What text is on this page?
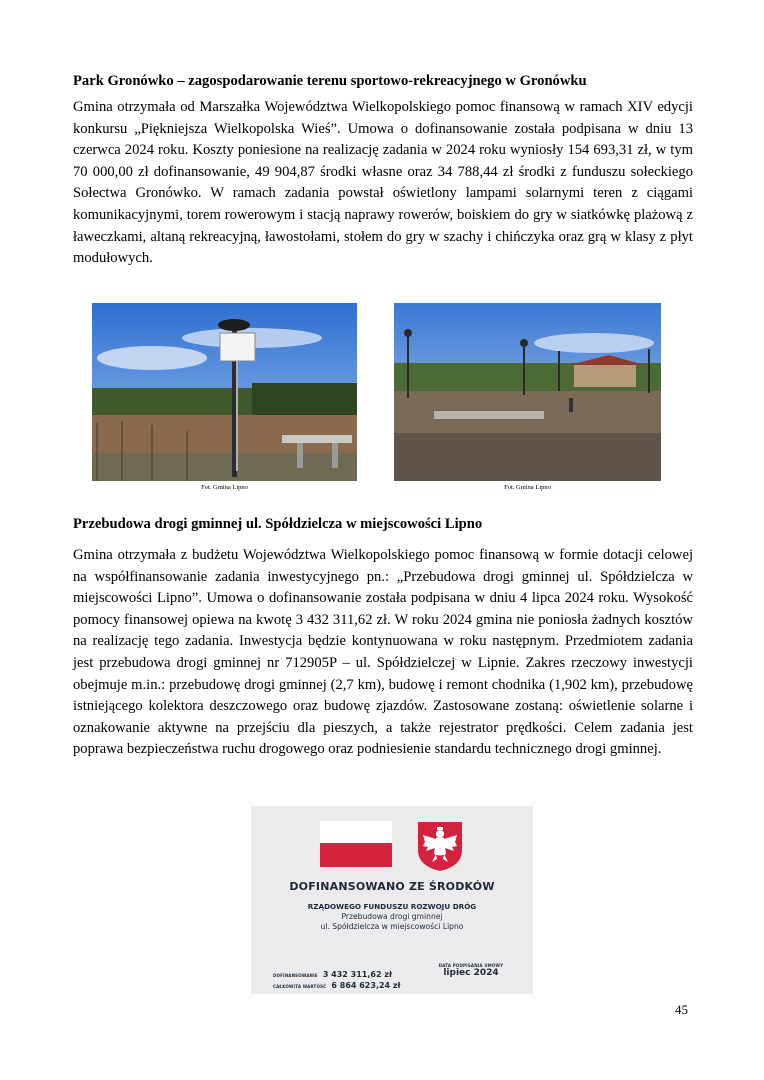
Park Gronówko – zagospodarowanie terenu sportowo-rekreacyjnego w Gronówku

Gmina otrzymała od Marszałka Województwa Wielkopolskiego pomoc finansową w ramach XIV edycji konkursu „Piękniejsza Wielkopolska Wieś”. Umowa o dofinansowanie została podpisana w dniu 13 czerwca 2024 roku. Koszty poniesione na realizację zadania w 2024 roku wyniosły 154 693,31 zł, w tym 70 000,00 zł dofinansowanie, 49 904,87 środki własne oraz 34 788,44 zł środki z funduszu sołeckiego Sołectwa Gronówko. W ramach zadania powstał oświetlony lampami solarnymi teren z ciągami komunikacyjnymi, torem rowerowym i stacją naprawy rowerów, boiskiem do gry w siatkówkę plażową z ławeczkami, altaną rekreacyjną, ławostołami, stołem do gry w szachy i chińczyka oraz grą w klasy z płyt modułowych.

Fot. Gmina Lipno	Fot. Gmina Lipno
Przebudowa drogi gminnej ul. Spółdzielcza w miejscowości Lipno

Gmina otrzymała z budżetu Województwa Wielkopolskiego pomoc finansową w formie dotacji celowej na współfinansowanie zadania inwestycyjnego pn.: „Przebudowa drogi gminnej ul. Spółdzielcza w miejscowości Lipno”. Umowa o dofinansowanie została podpisana w dniu 4 lipca 2024 roku. Wysokość pomocy finansowej opiewa na kwotę 3 432 311,62 zł. W roku 2024 gmina nie poniosła żadnych kosztów na realizację tego zadania. Inwestycja będzie kontynuowana w roku następnym. Przedmiotem zadania jest przebudowa drogi gminnej nr 712905P – ul. Spółdzielczej w Lipnie. Zakres rzeczowy inwestycji obejmuje m.in.: przebudowę drogi gminnej (2,7 km), budowę i remont chodnika (1,902 km), przebudowę istniejącego kolektora deszczowego oraz budowę zjazdów. Zastosowane zostaną: oświetlenie solarne i oznakowanie aktywne na przejściu dla pieszych, a także rejestrator prędkości. Celem zadania jest poprawa bezpieczeństwa ruchu drogowego oraz podniesienie standardu technicznego drogi gminnej.

DOFINANSOWANO ZE ŚRODKÓW
RZĄDOWEGO FUNDUSZU ROZWOJU DRÓG
Przebudowa drogi gminnej
ul. Spółdzielcza w miejscowości Lipno
DOFINANSOWANIE 3 432 311,62 zł
CAŁKOWITA WARTOŚĆ 6 864 623,24 zł
DATA PODPISANIA UMOWY
lipiec 2024
45
